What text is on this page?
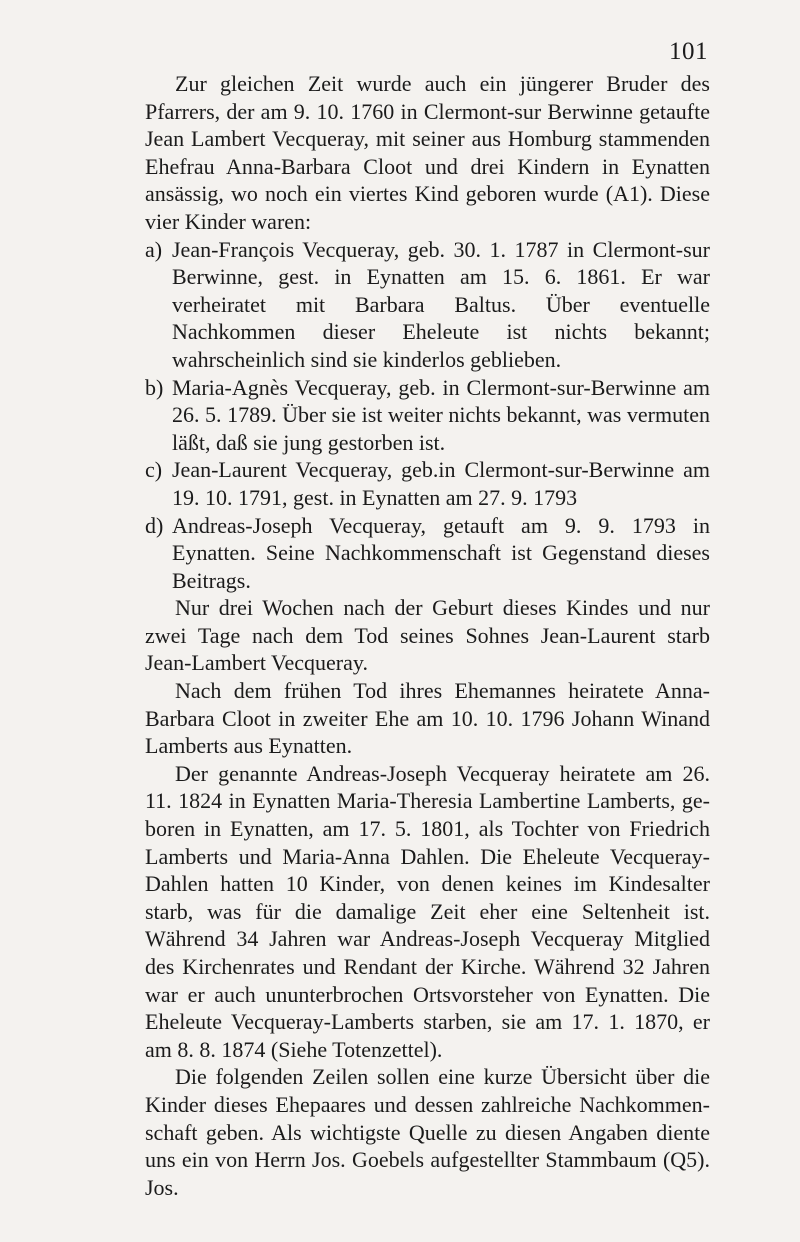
101

Zur gleichen Zeit wurde auch ein jüngerer Bruder des Pfarrers, der am 9. 10. 1760 in Clermont-sur Berwinne getaufte Jean Lambert Vecqueray, mit seiner aus Homburg stammenden Ehefrau Anna-Barbara Cloot und drei Kindern in Eynatten ansässig, wo noch ein viertes Kind geboren wurde (A1). Diese vier Kinder waren:

a) Jean-François Vecqueray, geb. 30. 1. 1787 in Clermont-sur Berwinne, gest. in Eynatten am 15. 6. 1861. Er war verheiratet mit Barbara Baltus. Über eventuelle Nachkommen dieser Eheleute ist nichts bekannt; wahrscheinlich sind sie kinderlos geblieben.
b) Maria-Agnès Vecqueray, geb. in Clermont-sur-Berwinne am 26. 5. 1789. Über sie ist weiter nichts bekannt, was vermuten läßt, daß sie jung gestorben ist.
c) Jean-Laurent Vecqueray, geb.in Clermont-sur-Berwinne am 19. 10. 1791, gest. in Eynatten am 27. 9. 1793
d) Andreas-Joseph Vecqueray, getauft am 9. 9. 1793 in Eynatten. Seine Nachkommenschaft ist Gegenstand dieses Beitrags.

Nur drei Wochen nach der Geburt dieses Kindes und nur zwei Tage nach dem Tod seines Sohnes Jean-Laurent starb Jean-Lambert Vecqueray.

Nach dem frühen Tod ihres Ehemannes heiratete Anna-Barbara Cloot in zweiter Ehe am 10. 10. 1796 Johann Winand Lamberts aus Eynatten.

Der genannte Andreas-Joseph Vecqueray heiratete am 26. 11. 1824 in Eynatten Maria-Theresia Lambertine Lamberts, geboren in Eynatten, am 17. 5. 1801, als Tochter von Friedrich Lamberts und Maria-Anna Dahlen. Die Eheleute Vecqueray-Dahlen hatten 10 Kinder, von denen keines im Kindesalter starb, was für die damalige Zeit eher eine Seltenheit ist. Während 34 Jahren war Andreas-Joseph Vecqueray Mitglied des Kirchenrates und Rendant der Kirche. Während 32 Jahren war er auch ununterbrochen Ortsvorsteher von Eynatten. Die Eheleute Vecqueray-Lamberts starben, sie am 17. 1. 1870, er am 8. 8. 1874 (Siehe Totenzettel).

Die folgenden Zeilen sollen eine kurze Übersicht über die Kinder dieses Ehepaares und dessen zahlreiche Nachkommenschaft geben. Als wichtigste Quelle zu diesen Angaben diente uns ein von Herrn Jos. Goebels aufgestellter Stammbaum (Q5). Jos.
